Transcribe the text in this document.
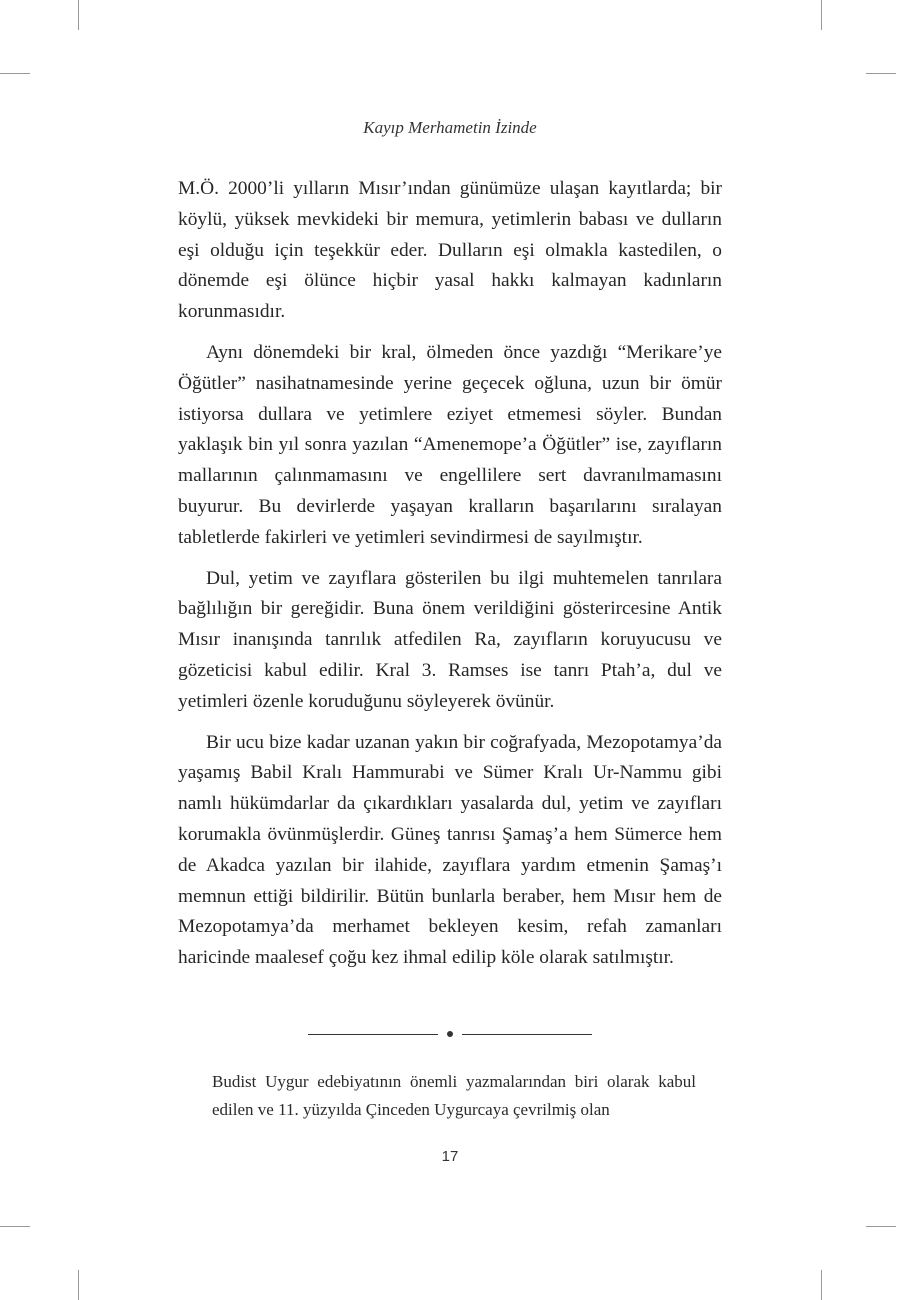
Kayıp Merhametin İzinde

M.Ö. 2000’li yılların Mısır’ından günümüze ulaşan kayıtlarda; bir köylü, yüksek mevkideki bir memura, yetimlerin babası ve dulların eşi olduğu için teşekkür eder. Dulların eşi olmakla kastedilen, o dönemde eşi ölünce hiçbir yasal hakkı kalmayan kadınların korunmasıdır.

Aynı dönemdeki bir kral, ölmeden önce yazdığı “Merikare’ye Öğütler” nasihatnamesinde yerine geçecek oğluna, uzun bir ömür istiyorsa dullara ve yetimlere eziyet etmemesi söyler. Bundan yaklaşık bin yıl sonra yazılan “Amenemope’a Öğütler” ise, zayıfların mallarının çalınmamasını ve engellilere sert davranılmamasını buyurur. Bu devirlerde yaşayan kralların başarılarını sıralayan tabletlerde fakirleri ve yetimleri sevindirmesi de sayılmıştır.

Dul, yetim ve zayıflara gösterilen bu ilgi muhtemelen tanrılara bağlılığın bir gereğidir. Buna önem verildiğini gösterircesine Antik Mısır inanışında tanrılık atfedilen Ra, zayıfların koruyucusu ve gözeticisi kabul edilir. Kral 3. Ramses ise tanrı Ptah’a, dul ve yetimleri özenle koruduğunu söyleyerek övünür.

Bir ucu bize kadar uzanan yakın bir coğrafyada, Mezopotamya’da yaşamış Babil Kralı Hammurabi ve Sümer Kralı Ur-Nammu gibi namlı hükümdarlar da çıkardıkları yasalarda dul, yetim ve zayıfları korumakla övünmüşlerdir. Güneş tanrısı Şamaş’a hem Sümerce hem de Akadca yazılan bir ilahide, zayıflara yardım etmenin Şamaş’ı memnun ettiği bildirilir. Bütün bunlarla beraber, hem Mısır hem de Mezopotamya’da merhamet bekleyen kesim, refah zamanları haricinde maalesef çoğu kez ihmal edilip köle olarak satılmıştır.

Budist Uygur edebiyatının önemli yazmalarından biri olarak kabul edilen ve 11. yüzyılda Çinceden Uygurcaya çevrilmiş olan

17
